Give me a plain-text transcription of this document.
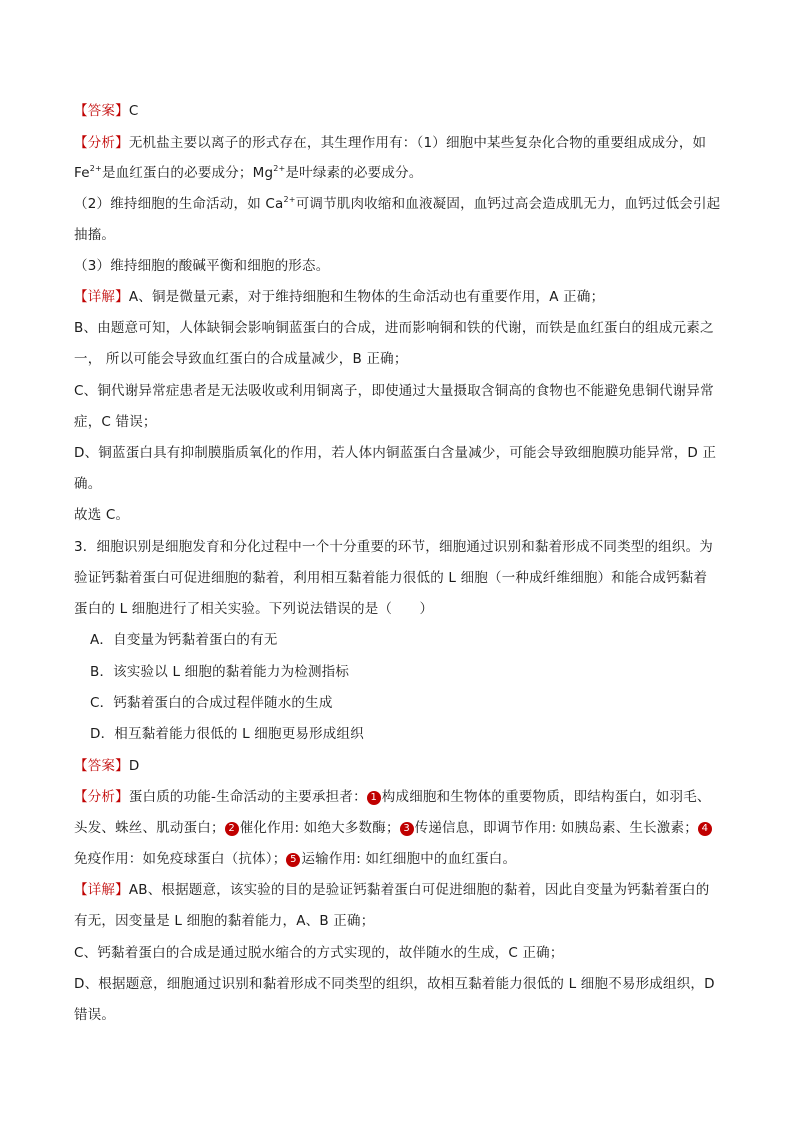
【答案】C
【分析】无机盐主要以离子的形式存在，其生理作用有：（1）细胞中某些复杂化合物的重要组成成分，如
$Fe^{2+}$是血红蛋白的必要成分；$Mg^{2+}$是叶绿素的必要成分。
（2）维持细胞的生命活动，如 $Ca^{2+}$可调节肌肉收缩和血液凝固，血钙过高会造成肌无力，血钙过低会引起
抽搐。
（3）维持细胞的酸碱平衡和细胞的形态。
【详解】A、铜是微量元素，对于维持细胞和生物体的生命活动也有重要作用，A 正确；
B、由题意可知，人体缺铜会影响铜蓝蛋白的合成，进而影响铜和铁的代谢，而铁是血红蛋白的组成元素之
一， 所以可能会导致血红蛋白的合成量减少，B 正确；
C、铜代谢异常症患者是无法吸收或利用铜离子，即使通过大量摄取含铜高的食物也不能避免患铜代谢异常
症，C 错误；
D、铜蓝蛋白具有抑制膜脂质氧化的作用，若人体内铜蓝蛋白含量减少，可能会导致细胞膜功能异常，D 正
确。
故选 C。
3．细胞识别是细胞发育和分化过程中一个十分重要的环节，细胞通过识别和黏着形成不同类型的组织。为
验证钙黏着蛋白可促进细胞的黏着，利用相互黏着能力很低的 L 细胞（一种成纤维细胞）和能合成钙黏着
蛋白的 L 细胞进行了相关实验。下列说法错误的是（　　）
A．自变量为钙黏着蛋白的有无
B．该实验以 L 细胞的黏着能力为检测指标
C．钙黏着蛋白的合成过程伴随水的生成
D．相互黏着能力很低的 L 细胞更易形成组织
【答案】D
【分析】蛋白质的功能-生命活动的主要承担者： 1 构成细胞和生物体的重要物质，即结构蛋白，如羽毛、
头发、蛛丝、肌动蛋白； 2 催化作用: 如绝大多数酶； 3 传递信息，即调节作用: 如胰岛素、生长激素； 4
免疫作用：如免疫球蛋白（抗体）； 5 运输作用: 如红细胞中的血红蛋白。
【详解】AB、根据题意，该实验的目的是验证钙黏着蛋白可促进细胞的黏着，因此自变量为钙黏着蛋白的
有无，因变量是 L 细胞的黏着能力，A、B 正确；
C、钙黏着蛋白的合成是通过脱水缩合的方式实现的，故伴随水的生成，C 正确；
D、根据题意，细胞通过识别和黏着形成不同类型的组织，故相互黏着能力很低的 L 细胞不易形成组织，D
错误。
